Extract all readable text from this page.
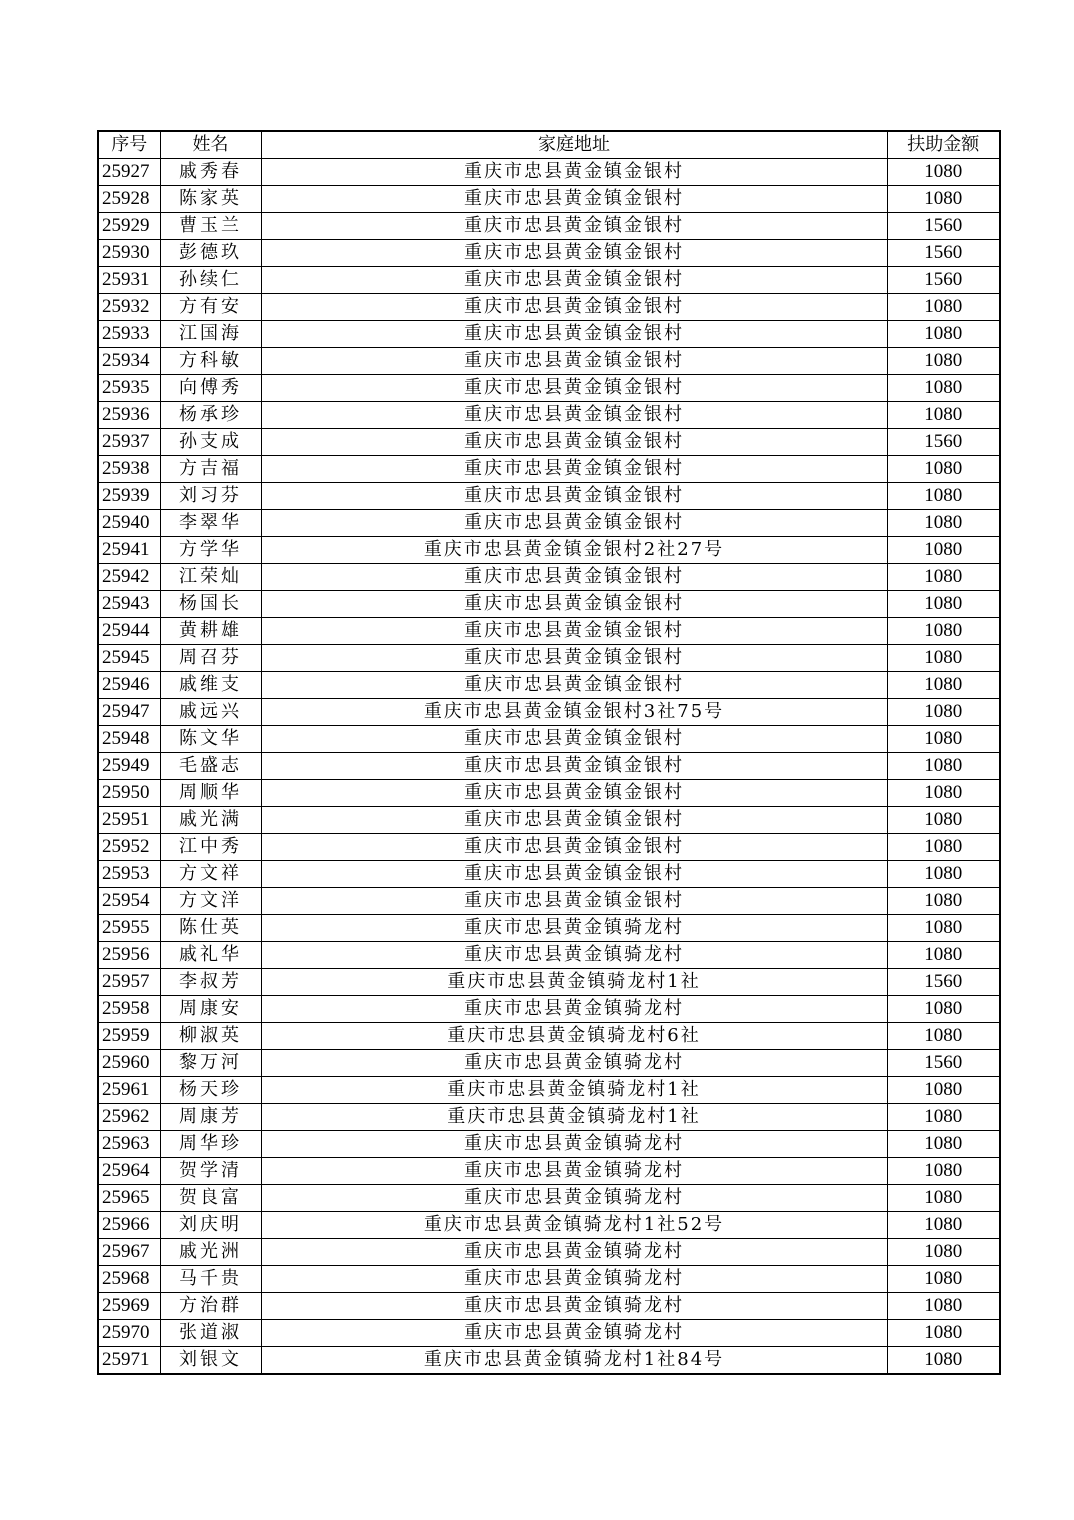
序号	姓名	家庭地址	扶助金额
25927	戚秀春	重庆市忠县黄金镇金银村	1080
25928	陈家英	重庆市忠县黄金镇金银村	1080
25929	曹玉兰	重庆市忠县黄金镇金银村	1560
25930	彭德玖	重庆市忠县黄金镇金银村	1560
25931	孙续仁	重庆市忠县黄金镇金银村	1560
25932	方有安	重庆市忠县黄金镇金银村	1080
25933	江国海	重庆市忠县黄金镇金银村	1080
25934	方科敏	重庆市忠县黄金镇金银村	1080
25935	向傅秀	重庆市忠县黄金镇金银村	1080
25936	杨承珍	重庆市忠县黄金镇金银村	1080
25937	孙支成	重庆市忠县黄金镇金银村	1560
25938	方吉福	重庆市忠县黄金镇金银村	1080
25939	刘习芬	重庆市忠县黄金镇金银村	1080
25940	李翠华	重庆市忠县黄金镇金银村	1080
25941	方学华	重庆市忠县黄金镇金银村2社27号	1080
25942	江荣灿	重庆市忠县黄金镇金银村	1080
25943	杨国长	重庆市忠县黄金镇金银村	1080
25944	黄耕雄	重庆市忠县黄金镇金银村	1080
25945	周召芬	重庆市忠县黄金镇金银村	1080
25946	戚维支	重庆市忠县黄金镇金银村	1080
25947	戚远兴	重庆市忠县黄金镇金银村3社75号	1080
25948	陈文华	重庆市忠县黄金镇金银村	1080
25949	毛盛志	重庆市忠县黄金镇金银村	1080
25950	周顺华	重庆市忠县黄金镇金银村	1080
25951	戚光满	重庆市忠县黄金镇金银村	1080
25952	江中秀	重庆市忠县黄金镇金银村	1080
25953	方文祥	重庆市忠县黄金镇金银村	1080
25954	方文洋	重庆市忠县黄金镇金银村	1080
25955	陈仕英	重庆市忠县黄金镇骑龙村	1080
25956	戚礼华	重庆市忠县黄金镇骑龙村	1080
25957	李叔芳	重庆市忠县黄金镇骑龙村1社	1560
25958	周康安	重庆市忠县黄金镇骑龙村	1080
25959	柳淑英	重庆市忠县黄金镇骑龙村6社	1080
25960	黎万河	重庆市忠县黄金镇骑龙村	1560
25961	杨天珍	重庆市忠县黄金镇骑龙村1社	1080
25962	周康芳	重庆市忠县黄金镇骑龙村1社	1080
25963	周华珍	重庆市忠县黄金镇骑龙村	1080
25964	贺学清	重庆市忠县黄金镇骑龙村	1080
25965	贺良富	重庆市忠县黄金镇骑龙村	1080
25966	刘庆明	重庆市忠县黄金镇骑龙村1社52号	1080
25967	戚光洲	重庆市忠县黄金镇骑龙村	1080
25968	马千贵	重庆市忠县黄金镇骑龙村	1080
25969	方治群	重庆市忠县黄金镇骑龙村	1080
25970	张道淑	重庆市忠县黄金镇骑龙村	1080
25971	刘银文	重庆市忠县黄金镇骑龙村1社84号	1080
